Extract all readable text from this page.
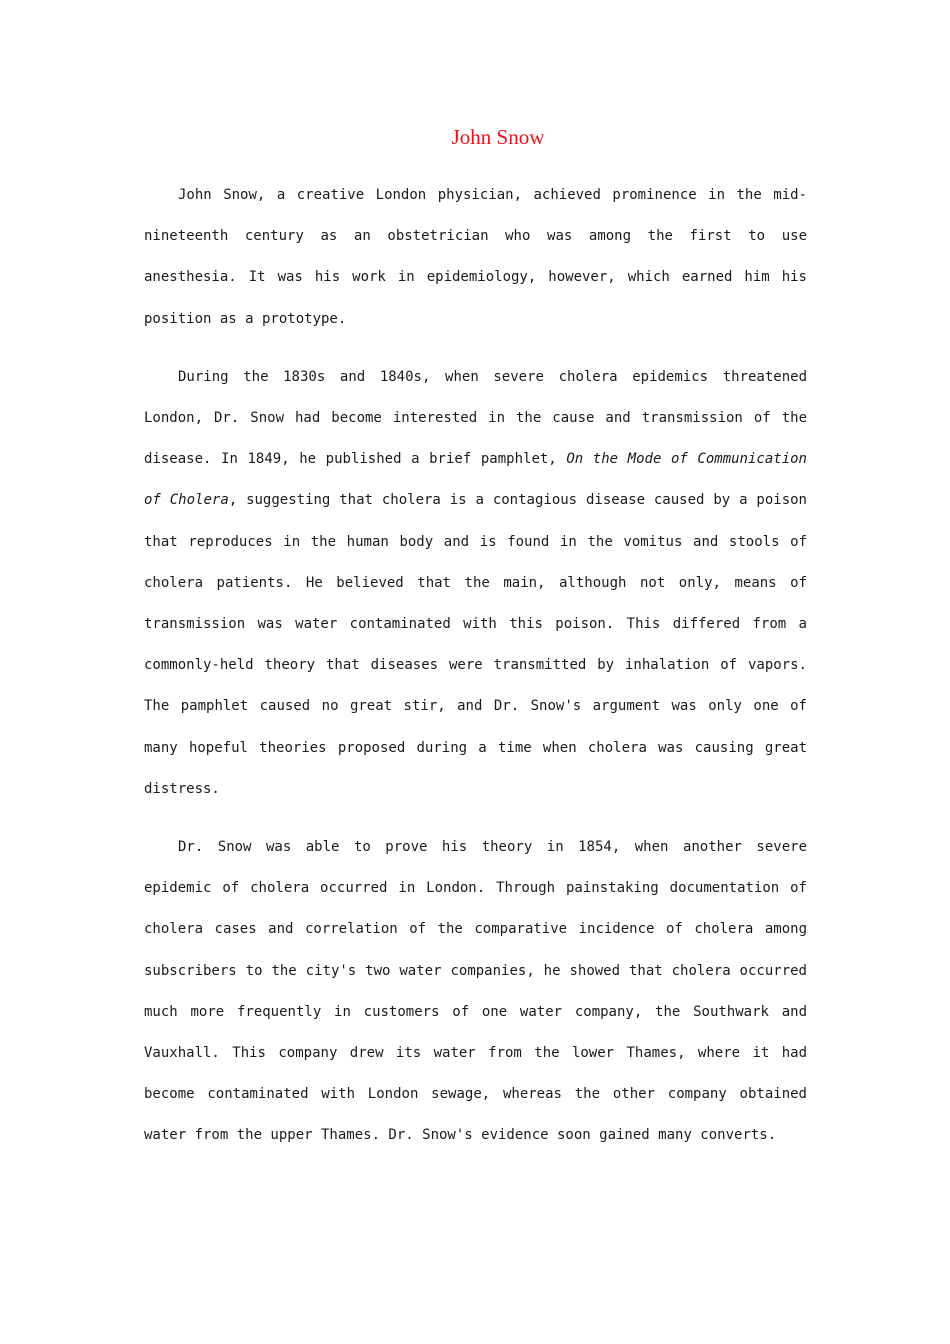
John Snow

John Snow, a creative London physician, achieved prominence in the mid-nineteenth century as an obstetrician who was among the first to use anesthesia. It was his work in epidemiology, however, which earned him his position as a prototype.

During the 1830s and 1840s, when severe cholera epidemics threatened London, Dr. Snow had become interested in the cause and transmission of the disease. In 1849, he published a brief pamphlet, On the Mode of Communication of Cholera, suggesting that cholera is a contagious disease caused by a poison that reproduces in the human body and is found in the vomitus and stools of cholera patients. He believed that the main, although not only, means of transmission was water contaminated with this poison. This differed from a commonly-held theory that diseases were transmitted by inhalation of vapors. The pamphlet caused no great stir, and Dr. Snow's argument was only one of many hopeful theories proposed during a time when cholera was causing great distress.

Dr. Snow was able to prove his theory in 1854, when another severe epidemic of cholera occurred in London. Through painstaking documentation of cholera cases and correlation of the comparative incidence of cholera among subscribers to the city's two water companies, he showed that cholera occurred much more frequently in customers of one water company, the Southwark and Vauxhall. This company drew its water from the lower Thames, where it had become contaminated with London sewage, whereas the other company obtained water from the upper Thames. Dr. Snow's evidence soon gained many converts.
